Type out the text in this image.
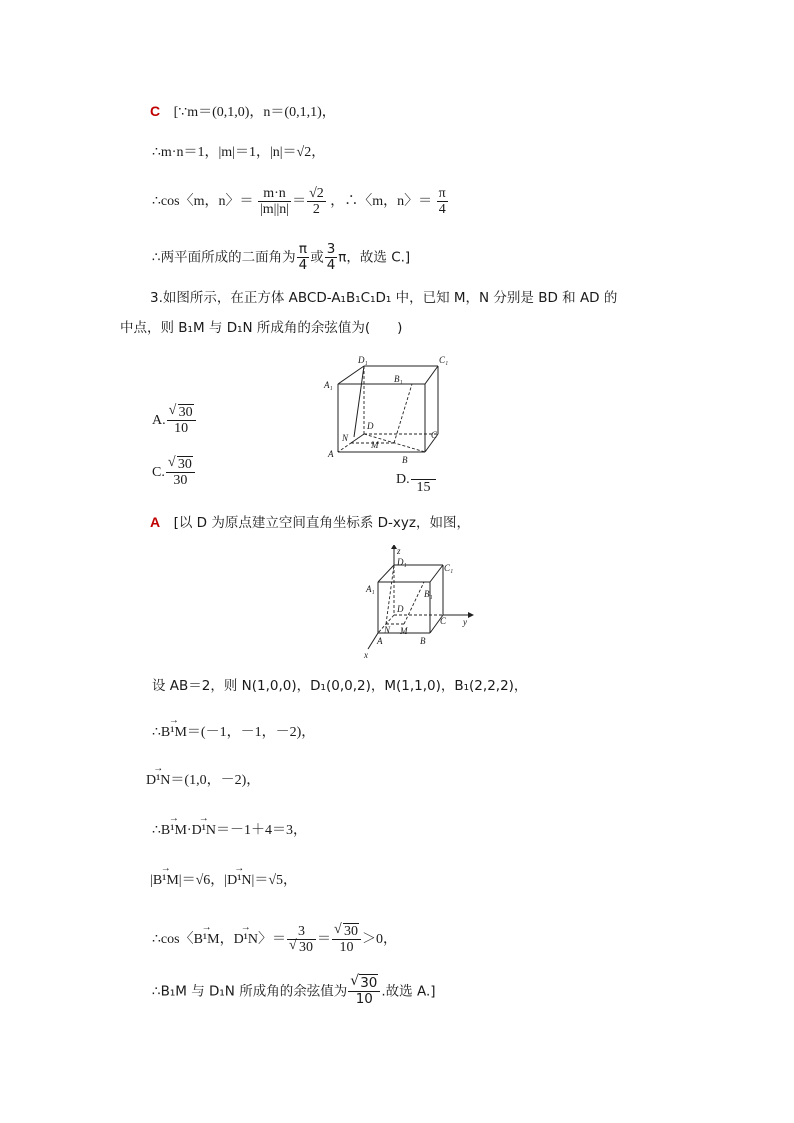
C [∵m＝(0,1,0)，n＝(0,1,1)，
∴m·n＝1，|m|＝1，|n|＝√2，
∴cos〈m，n〉＝ $\frac{m\cdot n}{|m||n|} = \frac{√2}{2}$ ，∴〈m，n〉＝ $\frac{\pi}{4}$
∴两平面所成的二面角为 $\frac{\pi}{4}$ 或 $\frac{3}{4}$ π，故选 C.]
3.如图所示，在正方体 ABCD-A₁B₁C₁D₁ 中，已知 M，N 分别是 BD 和 AD 的
中点，则 B₁M 与 D₁N 所成角的余弦值为(　　)
A. $\frac{√ 30}{10}$
C. $\frac{√ 30}{30}$	D.
15
D₁	C₁
A₁
B₁
D
N
M
C
A
B
A [以 D 为原点建立空间直角坐标系 D-xyz，如图，
z
D₁
C₁
A₁	B₁
D
N M
C
A	B
x
y
设 AB＝2，则 N(1,0,0)，D₁(0,0,2)，M(1,1,0)，B₁(2,2,2)，
∴→ B¹M＝(－1，－1，－2)，
→ D¹N＝(1,0，－2)，
∴→ B¹M·→ D¹N＝－1＋4＝3，
|→ B¹M|＝√6，|→ D¹N|＝√5，
∴cos〈→ B¹M，→ D¹N〉＝ $\frac{3}{√ 30} = \frac{√ 30}{10} >0$，
∴B₁M 与 D₁N 所成角的余弦值为 $\frac{√ 30}{10}$ .故选 A.]
